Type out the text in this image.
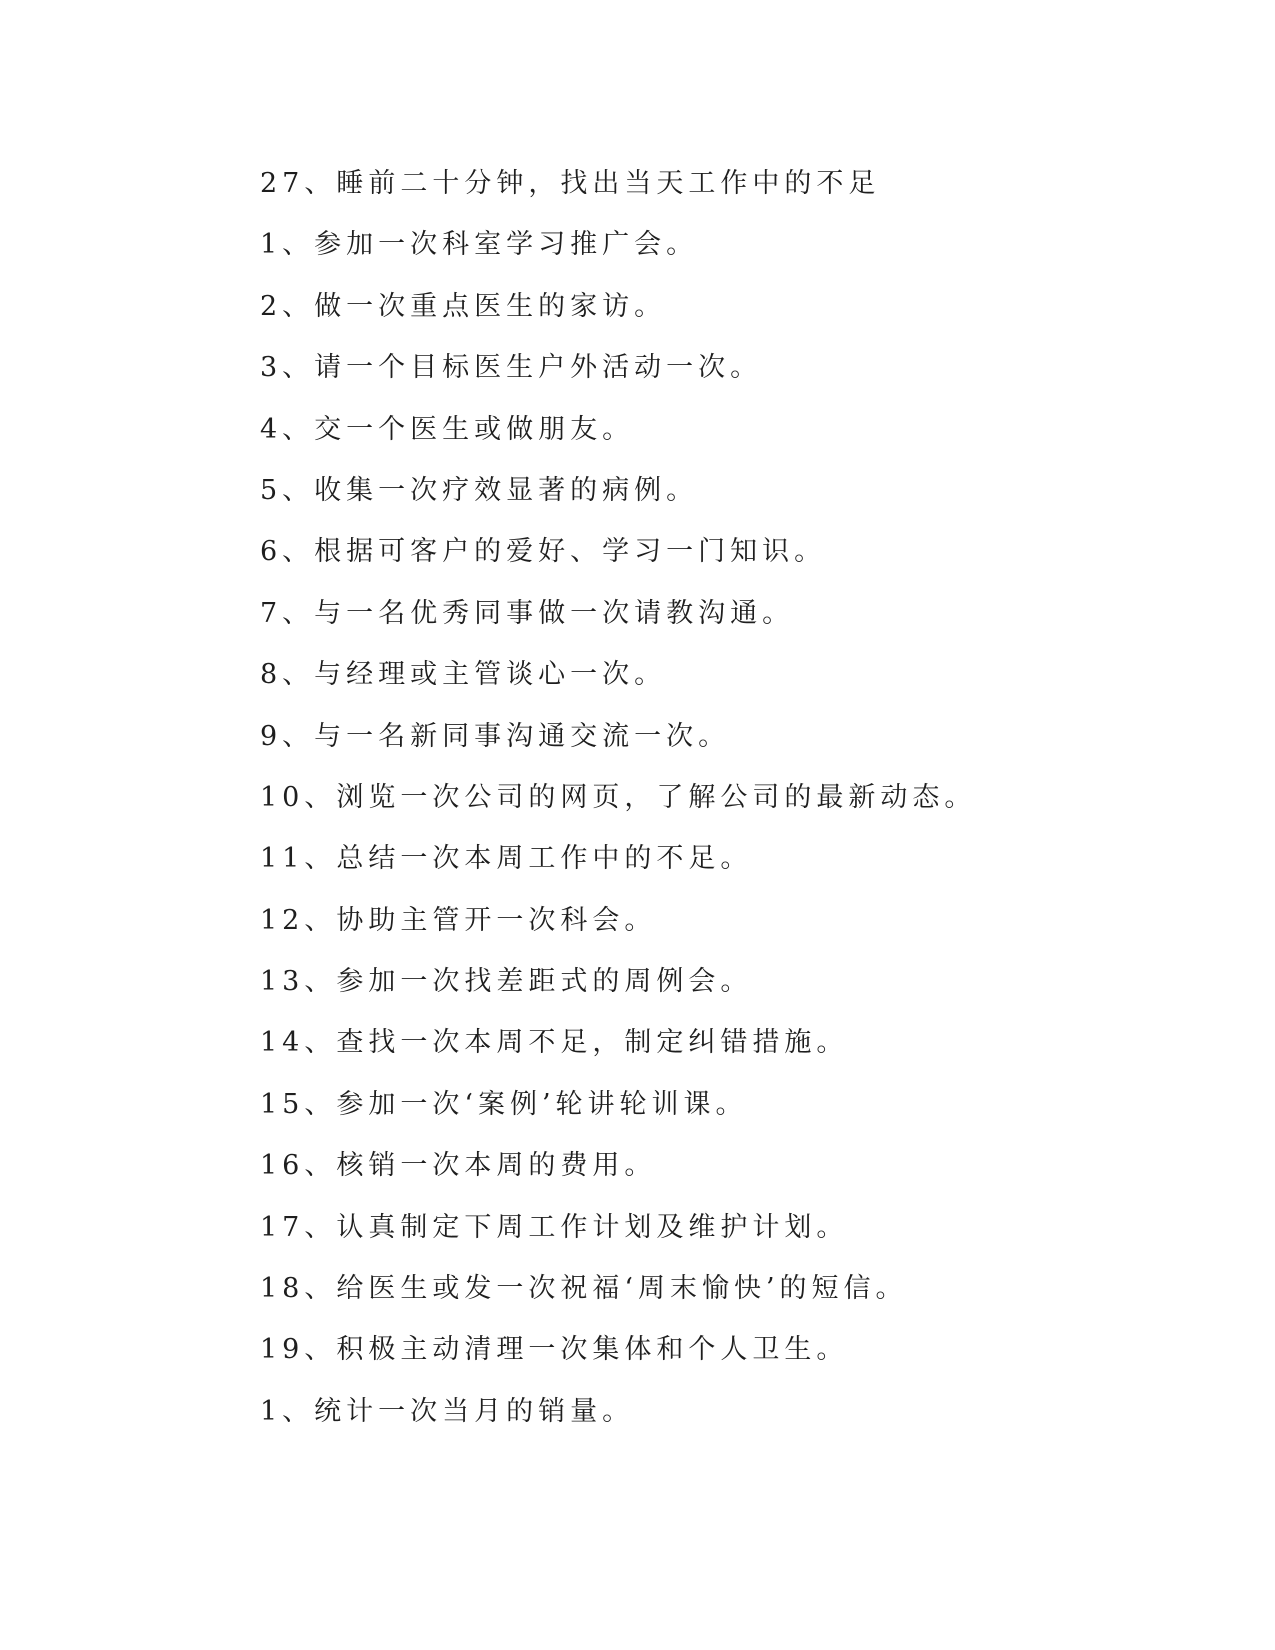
27、睡前二十分钟，找出当天工作中的不足
1、参加一次科室学习推广会。
2、做一次重点医生的家访。
3、请一个目标医生户外活动一次。
4、交一个医生或做朋友。
5、收集一次疗效显著的病例。
6、根据可客户的爱好、学习一门知识。
7、与一名优秀同事做一次请教沟通。
8、与经理或主管谈心一次。
9、与一名新同事沟通交流一次。
10、浏览一次公司的网页，了解公司的最新动态。
11、总结一次本周工作中的不足。
12、协助主管开一次科会。
13、参加一次找差距式的周例会。
14、查找一次本周不足，制定纠错措施。
15、参加一次‘案例’轮讲轮训课。
16、核销一次本周的费用。
17、认真制定下周工作计划及维护计划。
18、给医生或发一次祝福‘周末愉快’的短信。
19、积极主动清理一次集体和个人卫生。
1、统计一次当月的销量。
